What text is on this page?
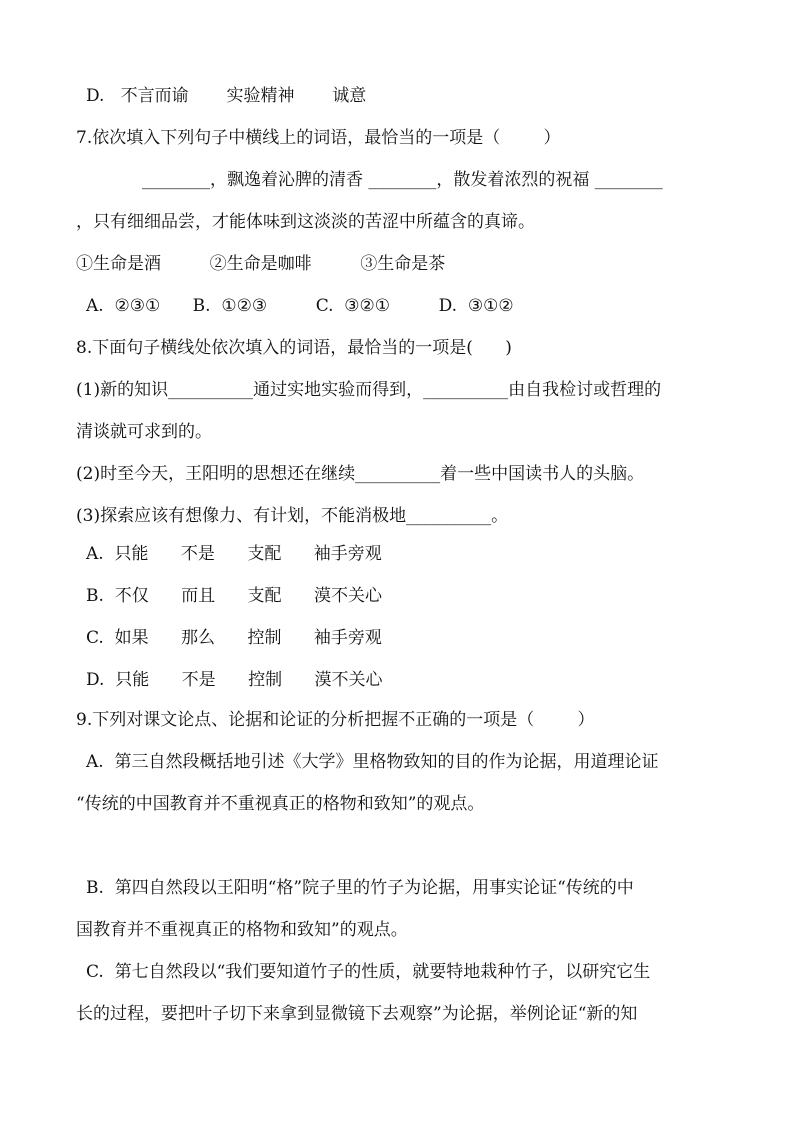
D.   不言而谕       实验精神       诚意
7.依次填入下列句子中横线上的词语，最恰当的一项是（        ）
________，飘逸着沁脾的清香 ________，散发着浓烈的祝福 ________
，只有细细品尝，才能体味到这淡淡的苦涩中所蕴含的真谛。
①生命是酒         ②生命是咖啡         ③生命是茶
A.  ②③①      B.  ①②③         C.  ③②①         D.  ③①②
8.下面句子横线处依次填入的词语，最恰当的一项是(      )
(1)新的知识__________通过实地实验而得到，__________由自我检讨或哲理的
清谈就可求到的。
(2)时至今天，王阳明的思想还在继续__________着一些中国读书人的头脑。
(3)探索应该有想像力、有计划，不能消极地__________。
A.  只能      不是      支配      袖手旁观
B.  不仅      而且      支配      漠不关心
C.  如果      那么      控制      袖手旁观
D.  只能      不是      控制      漠不关心
9.下列对课文论点、论据和论证的分析把握不正确的一项是（        ）
A.  第三自然段概括地引述《大学》里格物致知的目的作为论据，用道理论证
“传统的中国教育并不重视真正的格物和致知”的观点。
B.  第四自然段以王阳明“格”院子里的竹子为论据，用事实论证“传统的中
国教育并不重视真正的格物和致知”的观点。
C.  第七自然段以“我们要知道竹子的性质，就要特地栽种竹子，以研究它生
长的过程，要把叶子切下来拿到显微镜下去观察”为论据，举例论证“新的知
